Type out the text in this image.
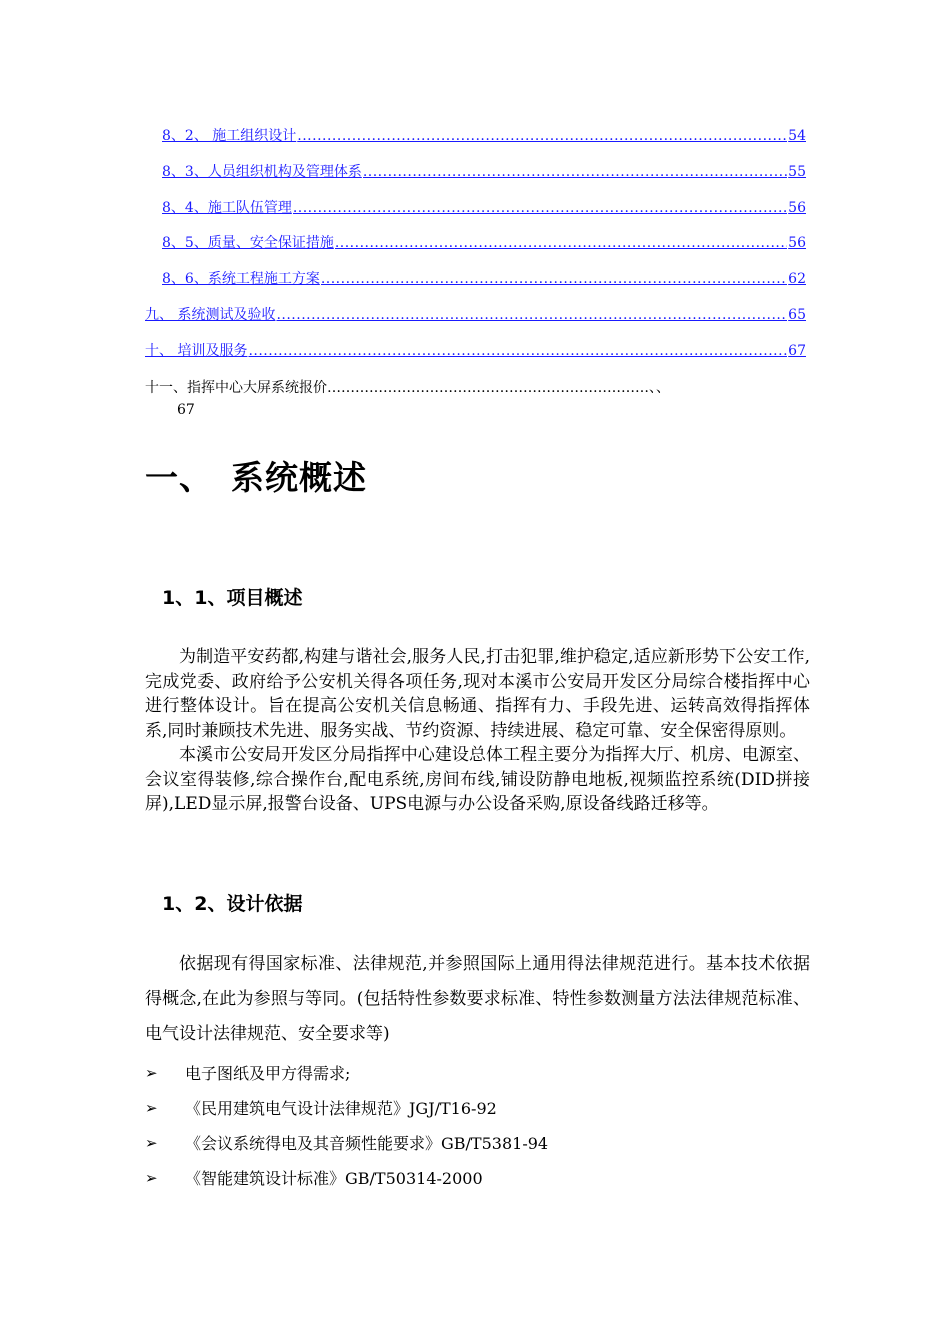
8、2、 施工组织设计 .....	54
8、3、人员组织机构及管理体系 .....	55
8、4、施工队伍管理 .....	56
8、5、质量、安全保证措施 .....	56
8、6、系统工程施工方案 .....	62
九、 系统测试及验收 .....	65
十、 培训及服务 .....	67
十一、指挥中心大屏系统报价……………………………………………………………、、
67
一、 系统概述
1、1、项目概述

为制造平安药都,构建与谐社会,服务人民,打击犯罪,维护稳定,适应新形势下公安工作,完成党委、政府给予公安机关得各项任务,现对本溪市公安局开发区分局综合楼指挥中心进行整体设计。旨在提高公安机关信息畅通、指挥有力、手段先进、运转高效得指挥体系,同时兼顾技术先进、服务实战、节约资源、持续进展、稳定可靠、安全保密得原则。

本溪市公安局开发区分局指挥中心建设总体工程主要分为指挥大厅、机房、电源室、会议室得装修,综合操作台,配电系统,房间布线,铺设防静电地板,视频监控系统(DID拼接屏),LED显示屏,报警台设备、UPS电源与办公设备采购,原设备线路迁移等。

1、2、设计依据

依据现有得国家标准、法律规范,并参照国际上通用得法律规范进行。基本技术依据得概念,在此为参照与等同。(包括特性参数要求标准、特性参数测量方法法律规范标准、电气设计法律规范、安全要求等)

➢	电子图纸及甲方得需求;
➢	《民用建筑电气设计法律规范》JGJ/T16-92
➢	《会议系统得电及其音频性能要求》GB/T5381-94
➢	《智能建筑设计标准》GB/T50314-2000
